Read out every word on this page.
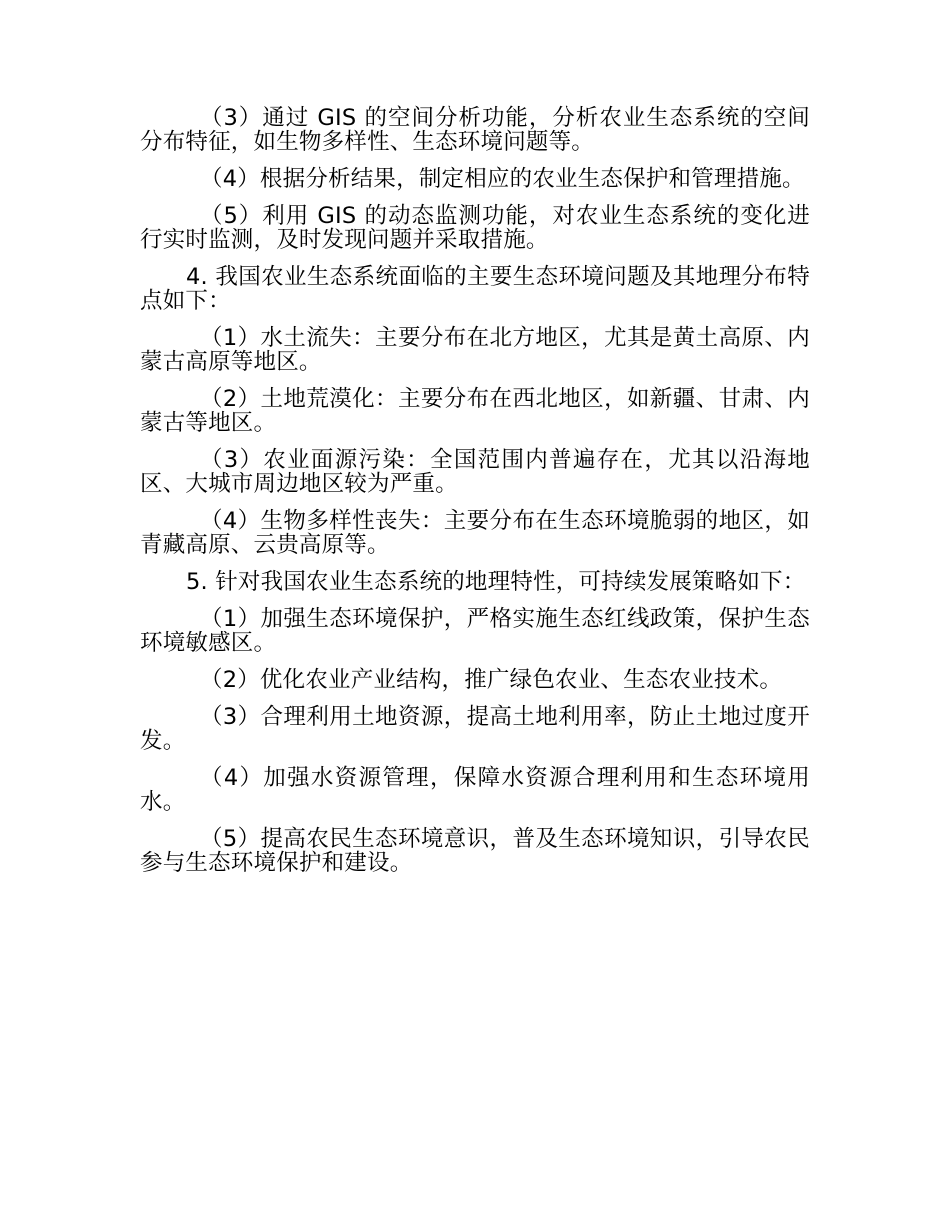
（3）通过 GIS 的空间分析功能，分析农业生态系统的空间分布特征，如生物多样性、生态环境问题等。

（4）根据分析结果，制定相应的农业生态保护和管理措施。

（5）利用 GIS 的动态监测功能，对农业生态系统的变化进行实时监测，及时发现问题并采取措施。

4. 我国农业生态系统面临的主要生态环境问题及其地理分布特点如下：

（1）水土流失：主要分布在北方地区，尤其是黄土高原、内蒙古高原等地区。

（2）土地荒漠化：主要分布在西北地区，如新疆、甘肃、内蒙古等地区。

（3）农业面源污染：全国范围内普遍存在，尤其以沿海地区、大城市周边地区较为严重。

（4）生物多样性丧失：主要分布在生态环境脆弱的地区，如青藏高原、云贵高原等。

5. 针对我国农业生态系统的地理特性，可持续发展策略如下：

（1）加强生态环境保护，严格实施生态红线政策，保护生态环境敏感区。

（2）优化农业产业结构，推广绿色农业、生态农业技术。

（3）合理利用土地资源，提高土地利用率，防止土地过度开发。

（4）加强水资源管理，保障水资源合理利用和生态环境用水。

（5）提高农民生态环境意识，普及生态环境知识，引导农民参与生态环境保护和建设。
